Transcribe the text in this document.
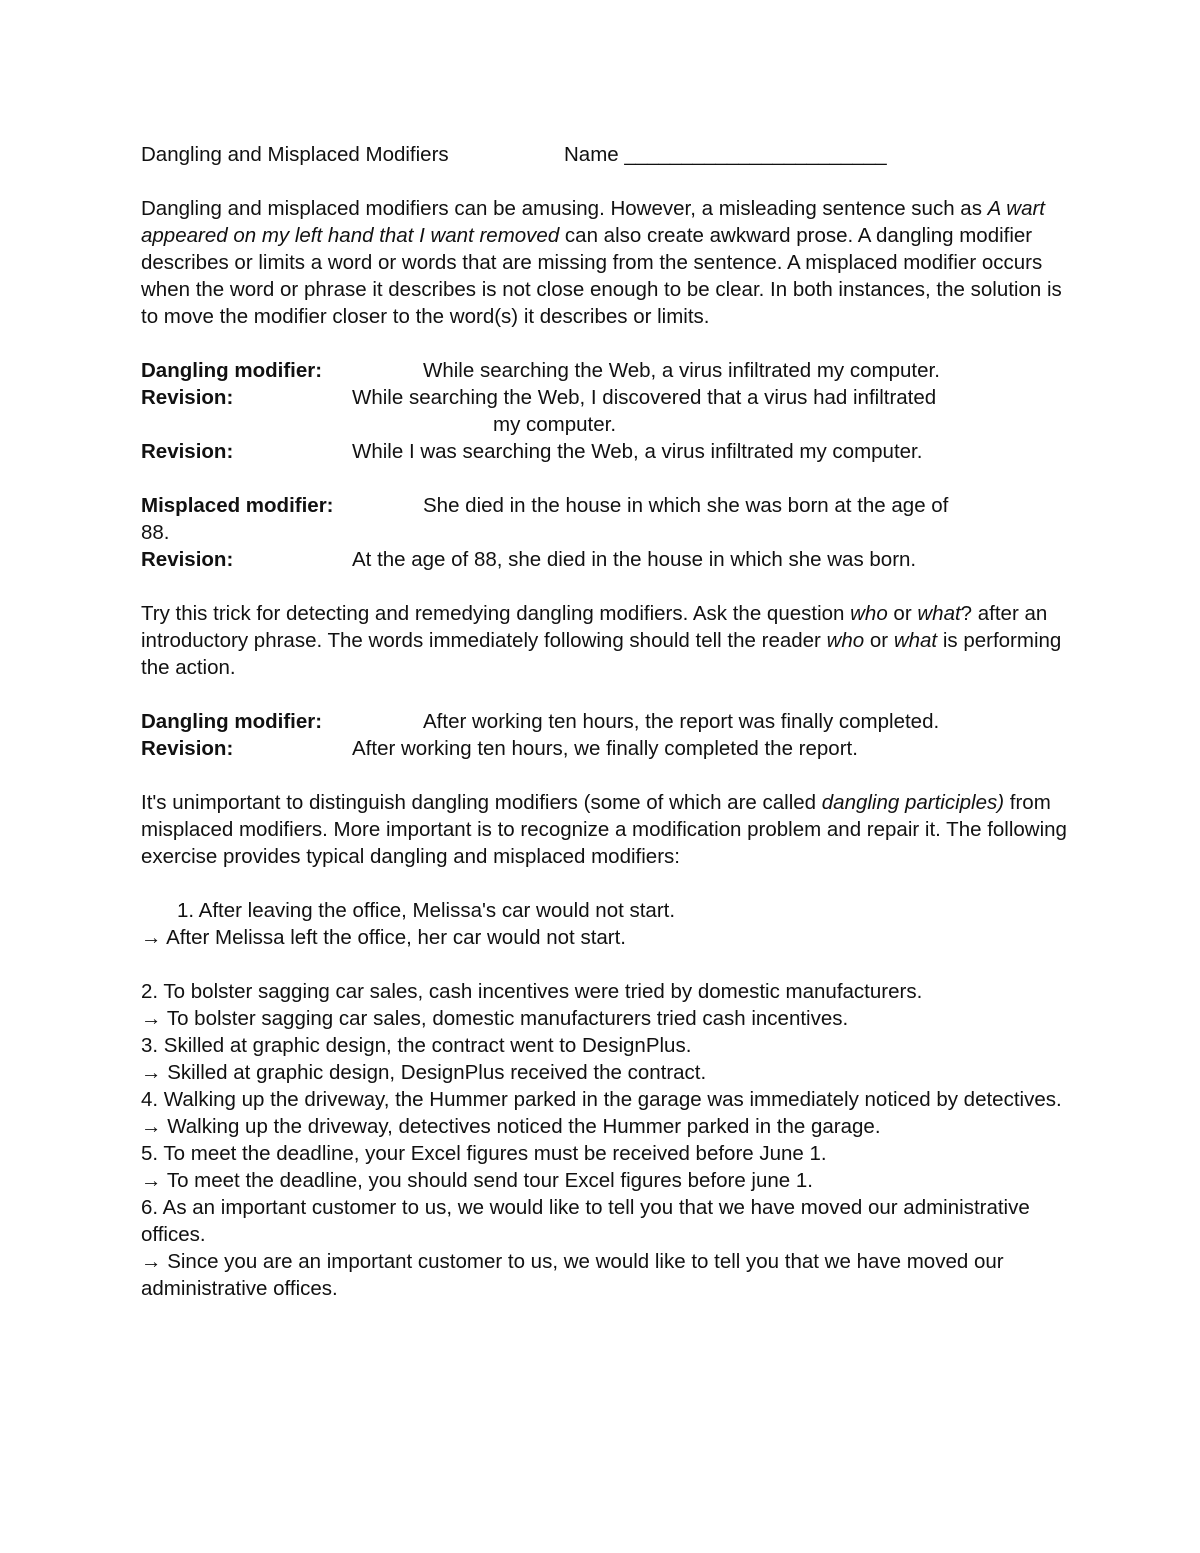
Dangling and Misplaced Modifiers	Name _______________________

Dangling and misplaced modifiers can be amusing. However, a misleading sentence such as A wart appeared on my left hand that I want removed can also create awkward prose. A dangling modifier describes or limits a word or words that are missing from the sentence. A misplaced modifier occurs when the word or phrase it describes is not close enough to be clear. In both instances, the solution is to move the modifier closer to the word(s) it describes or limits.

Dangling modifier:	While searching the Web, a virus infiltrated my computer.
Revision:	While searching the Web, I discovered that a virus had infiltrated
my computer.
Revision:	While I was searching the Web, a virus infiltrated my computer.
Misplaced modifier:	She died in the house in which she was born at the age of
88.
Revision:	At the age of 88, she died in the house in which she was born.

Try this trick for detecting and remedying dangling modifiers. Ask the question who or what? after an introductory phrase. The words immediately following should tell the reader who or what is performing the action.

Dangling modifier:	After working ten hours, the report was finally completed.
Revision:	After working ten hours, we finally completed the report.

It's unimportant to distinguish dangling modifiers (some of which are called dangling participles) from misplaced modifiers. More important is to recognize a modification problem and repair it. The following exercise provides typical dangling and misplaced modifiers:

1. After leaving the office, Melissa's car would not start.
→ After Melissa left the office, her car would not start.
2. To bolster sagging car sales, cash incentives were tried by domestic manufacturers.
→ To bolster sagging car sales, domestic manufacturers tried cash incentives.
3. Skilled at graphic design, the contract went to DesignPlus.
→ Skilled at graphic design, DesignPlus received the contract.
4. Walking up the driveway, the Hummer parked in the garage was immediately noticed by detectives.
→ Walking up the driveway, detectives noticed the Hummer parked in the garage.
5. To meet the deadline, your Excel figures must be received before June 1.
→ To meet the deadline, you should send tour Excel figures before june 1.
6. As an important customer to us, we would like to tell you that we have moved our administrative offices.
→ Since you are an important customer to us, we would like to tell you that we have moved our administrative offices.
